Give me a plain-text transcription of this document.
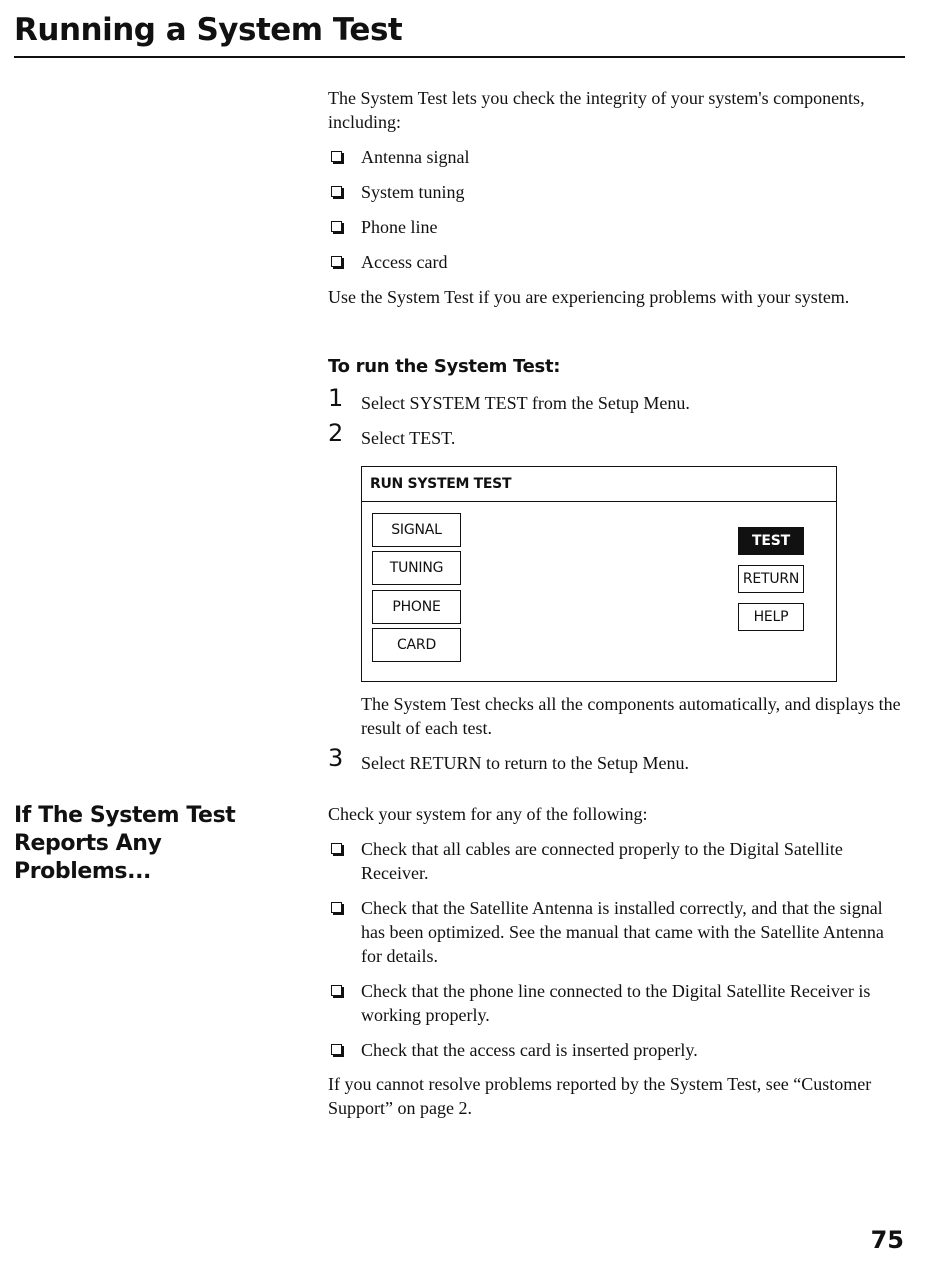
Running a System Test

The System Test lets you check the integrity of your system's components, including:

Antenna signal
System tuning
Phone line
Access card

Use the System Test if you are experiencing problems with your system.

To run the System Test:
1 Select SYSTEM TEST from the Setup Menu.
2 Select TEST.
RUN SYSTEM TEST
SIGNAL
TUNING
PHONE
CARD
TEST
RETURN
HELP

The System Test checks all the components automatically, and displays the result of each test.

3 Select RETURN to return to the Setup Menu.
If The System Test Reports Any Problems...

Check your system for any of the following:

Check that all cables are connected properly to the Digital Satellite Receiver.
Check that the Satellite Antenna is installed correctly, and that the signal has been optimized. See the manual that came with the Satellite Antenna for details.
Check that the phone line connected to the Digital Satellite Receiver is working properly.
Check that the access card is inserted properly.

If you cannot resolve problems reported by the System Test, see “Customer Support” on page 2.

75
